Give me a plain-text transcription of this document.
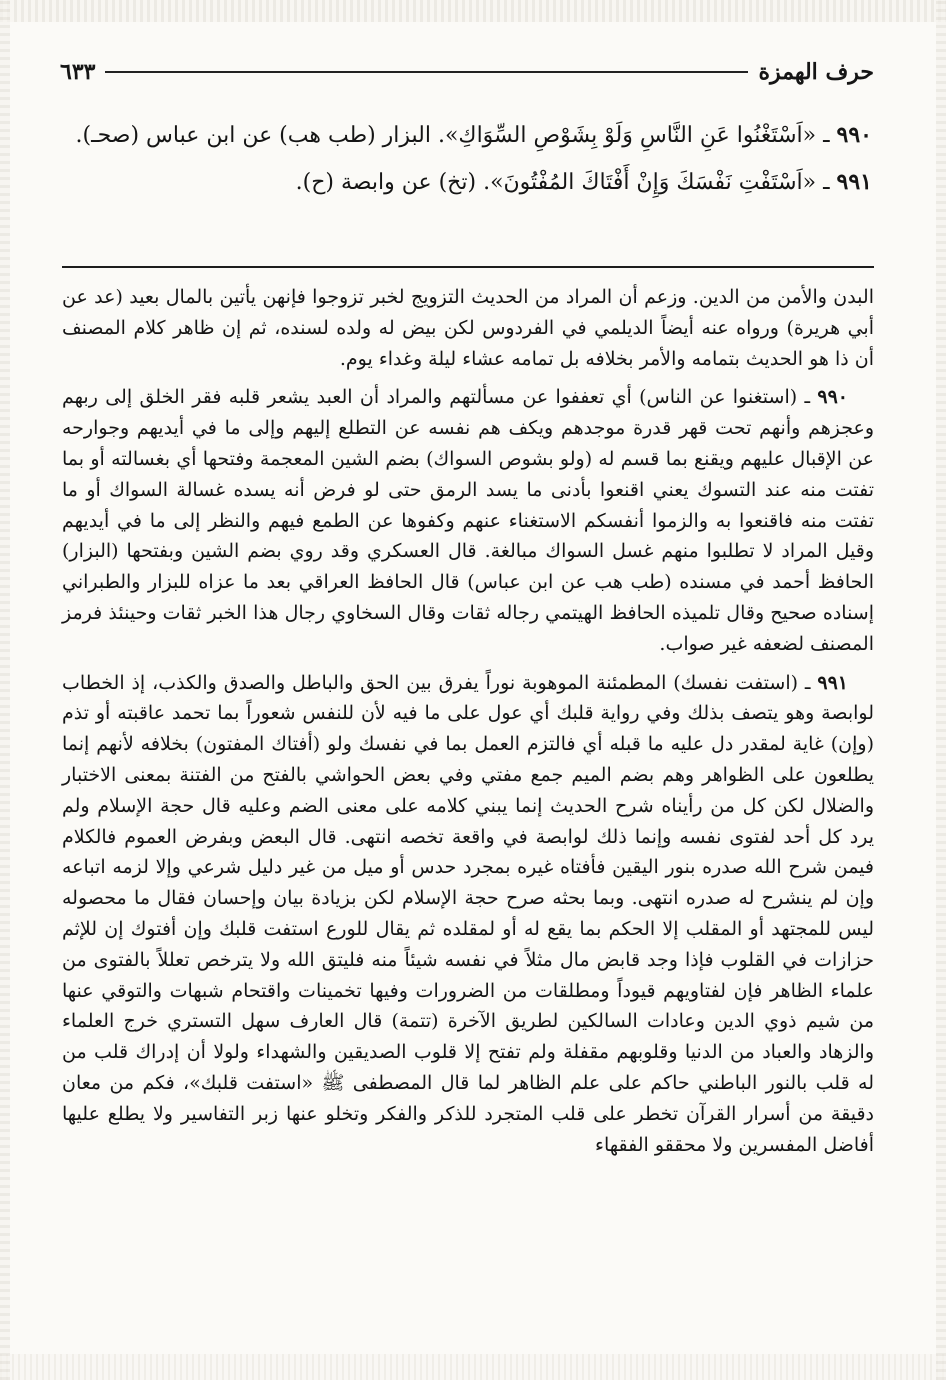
حرف الهمزة
٦٣٣

٩٩٠ ـ «اَسْتَغْنُوا عَنِ النَّاسِ وَلَوْ بِشَوْصِ السِّوَاكِ». البزار (طب هب) عن ابن عباس (صحـ).

٩٩١ ـ «اَسْتَفْتِ نَفْسَكَ وَإِنْ أَفْتَاكَ المُفْتُونَ». (تخ) عن وابصة (ح).

البدن والأمن من الدين. وزعم أن المراد من الحديث التزويج لخبر تزوجوا فإنهن يأتين بالمال بعيد (عد عن أبي هريرة) ورواه عنه أيضاً الديلمي في الفردوس لكن بيض له ولده لسنده، ثم إن ظاهر كلام المصنف أن ذا هو الحديث بتمامه والأمر بخلافه بل تمامه عشاء ليلة وغداء يوم.

٩٩٠ ـ (استغنوا عن الناس) أي تعففوا عن مسألتهم والمراد أن العبد يشعر قلبه فقر الخلق إلى ربهم وعجزهم وأنهم تحت قهر قدرة موجدهم ويكف هم نفسه عن التطلع إليهم وإلى ما في أيديهم وجوارحه عن الإقبال عليهم ويقنع بما قسم له (ولو بشوص السواك) بضم الشين المعجمة وفتحها أي بغسالته أو بما تفتت منه عند التسوك يعني اقنعوا بأدنى ما يسد الرمق حتى لو فرض أنه يسده غسالة السواك أو ما تفتت منه فاقنعوا به والزموا أنفسكم الاستغناء عنهم وكفوها عن الطمع فيهم والنظر إلى ما في أيديهم وقيل المراد لا تطلبوا منهم غسل السواك مبالغة. قال العسكري وقد روي بضم الشين وبفتحها (البزار) الحافظ أحمد في مسنده (طب هب عن ابن عباس) قال الحافظ العراقي بعد ما عزاه للبزار والطبراني إسناده صحيح وقال تلميذه الحافظ الهيتمي رجاله ثقات وقال السخاوي رجال هذا الخبر ثقات وحينئذ فرمز المصنف لضعفه غير صواب.

٩٩١ ـ (استفت نفسك) المطمئنة الموهوبة نوراً يفرق بين الحق والباطل والصدق والكذب، إذ الخطاب لوابصة وهو يتصف بذلك وفي رواية قلبك أي عول على ما فيه لأن للنفس شعوراً بما تحمد عاقبته أو تذم (وإن) غاية لمقدر دل عليه ما قبله أي فالتزم العمل بما في نفسك ولو (أفتاك المفتون) بخلافه لأنهم إنما يطلعون على الظواهر وهم بضم الميم جمع مفتي وفي بعض الحواشي بالفتح من الفتنة بمعنى الاختبار والضلال لكن كل من رأيناه شرح الحديث إنما يبني كلامه على معنى الضم وعليه قال حجة الإسلام ولم يرد كل أحد لفتوى نفسه وإنما ذلك لوابصة في واقعة تخصه انتهى. قال البعض وبفرض العموم فالكلام فيمن شرح الله صدره بنور اليقين فأفتاه غيره بمجرد حدس أو ميل من غير دليل شرعي وإلا لزمه اتباعه وإن لم ينشرح له صدره انتهى. وبما بحثه صرح حجة الإسلام لكن بزيادة بيان وإحسان فقال ما محصوله ليس للمجتهد أو المقلب إلا الحكم بما يقع له أو لمقلده ثم يقال للورع استفت قلبك وإن أفتوك إن للإثم حزازات في القلوب فإذا وجد قابض مال مثلاً في نفسه شيئاً منه فليتق الله ولا يترخص تعللاً بالفتوى من علماء الظاهر فإن لفتاويهم قيوداً ومطلقات من الضرورات وفيها تخمينات واقتحام شبهات والتوقي عنها من شيم ذوي الدين وعادات السالكين لطريق الآخرة (تتمة) قال العارف سهل التستري خرج العلماء والزهاد والعباد من الدنيا وقلوبهم مقفلة ولم تفتح إلا قلوب الصديقين والشهداء ولولا أن إدراك قلب من له قلب بالنور الباطني حاكم على علم الظاهر لما قال المصطفى ﷺ «استفت قلبك»، فكم من معان دقيقة من أسرار القرآن تخطر على قلب المتجرد للذكر والفكر وتخلو عنها زبر التفاسير ولا يطلع عليها أفاضل المفسرين ولا محققو الفقهاء
